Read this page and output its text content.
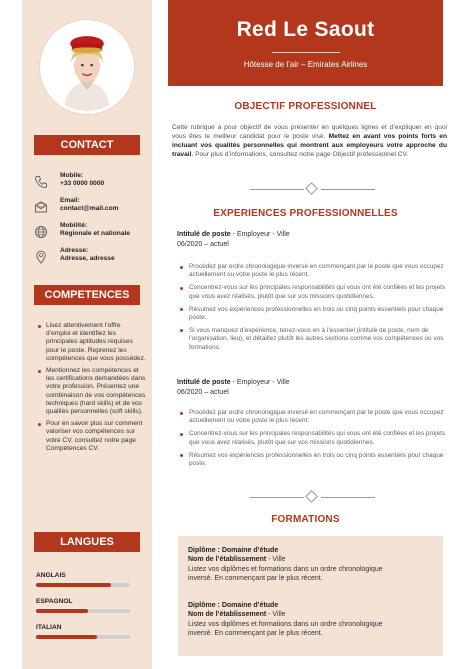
CONTACT
Mobile:
+33 0000 0000
Email:
contact@mail.com
Mobilité:
Régionale et nationale
Adresse:
Adresse, adresse
COMPETENCES
Lisez attentivement l’offre d’emploi et identifiez les principales aptitudes requises pour le poste. Reprenez les compétences que vous possédez.
Mentionnez les compétences et les certifications demandées dans votre profession. Présentez une combinaison de vos compétences techniques (hard skills) et de vos qualités personnelles (soft skills).
Pour en savoir plus sur comment valoriser vos compétences sur votre CV, consultez notre page Compétences CV.
LANGUES
ANGLAIS
ESPAGNOL
ITALIAN
Red Le Saout
Hôtesse de l’air – Emirates Airlines
OBJECTIF PROFESSIONNEL
Cette rubrique a pour objectif de vous présenter en quelques lignes et d’expliquer en quoi vous êtes le meilleur candidat pour le poste visé. Mettez en avant vos points forts en incluant vos qualités personnelles qui montrent aux employeurs votre approche du travail. Pour plus d’informations, consultez notre page Objectif professionnel CV.
EXPERIENCES PROFESSIONNELLES
Intitulé de poste - Employeur - Ville
06/2020 – actuel
Procédez par ordre chronologique inversé en commençant par le poste que vous occupez actuellement ou votre poste le plus récent.
Concentrez-vous sur les principales responsabilités qui vous ont été confiées et les projets que vous avez réalisés, plutôt que sur vos missions quotidiennes.
Résumez vos expériences professionnelles en trois ou cinq points essentiels pour chaque poste.
Si vous manquez d’expérience, tenez-vous en à l’essentiel (intitulé de poste, nom de l’organisation, lieu), et détaillez plutôt les autres sections comme vos compétences ou vos formations.
Intitulé de poste - Employeur - Ville
06/2020 – actuel
Procédez par ordre chronologique inversé en commençant par le poste que vous occupez actuellement ou votre poste le plus récent.
Concentrez-vous sur les principales responsabilités qui vous ont été confiées et les projets que vous avez réalisés, plutôt que sur vos missions quotidiennes.
Résumez vos expériences professionnelles en trois ou cinq points essentiels pour chaque poste.
FORMATIONS
Diplôme : Domaine d’étude
Nom de l’établissement - Ville
Listez vos diplômes et formations dans un ordre chronologique
inversé. En commençant par le plus récent.
Diplôme : Domaine d’étude
Nom de l’établissement - Ville
Listez vos diplômes et formations dans un ordre chronologique
inversé. En commençant par le plus récent.
